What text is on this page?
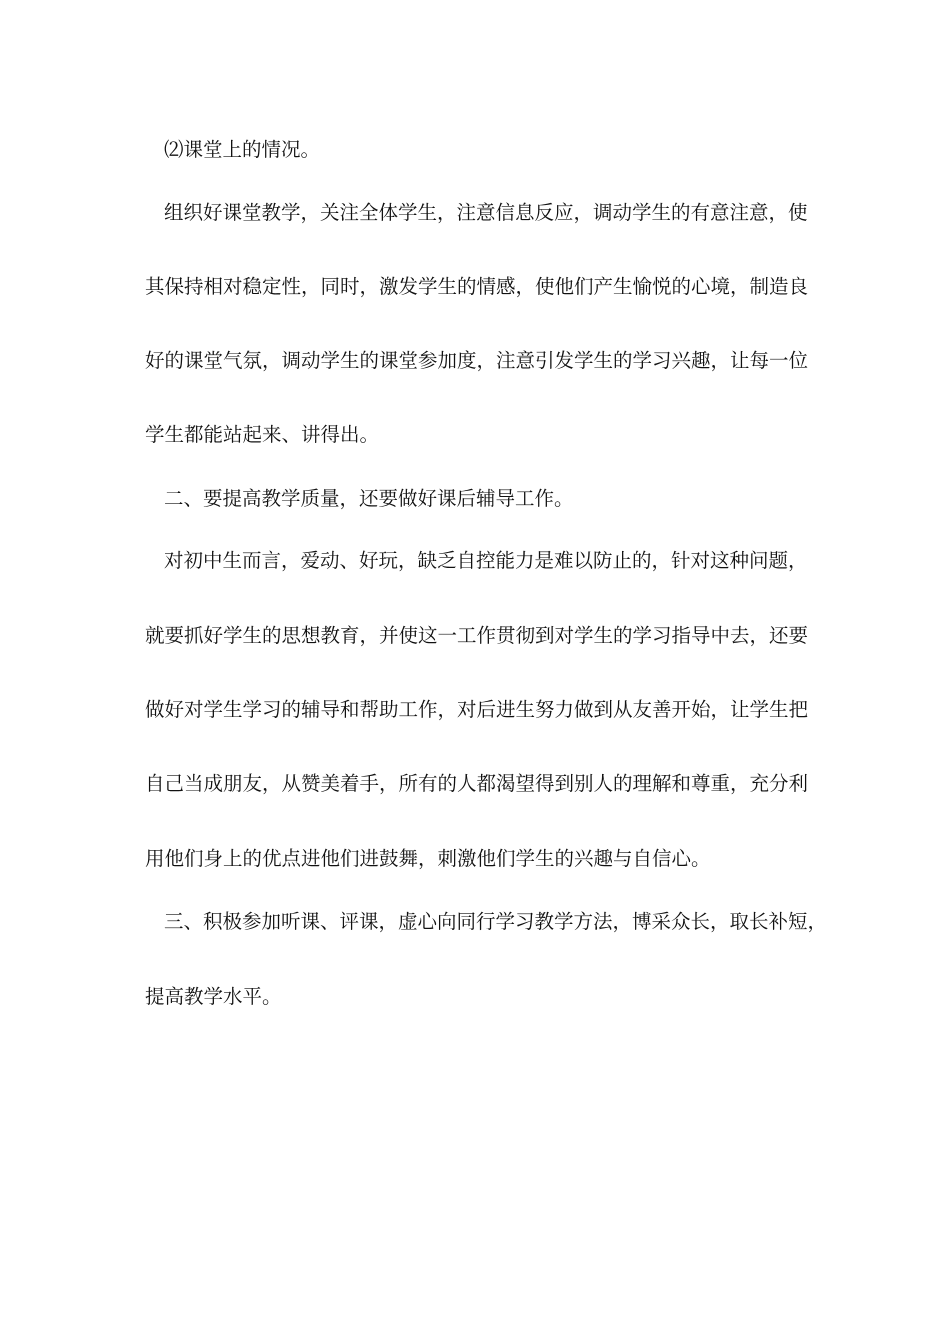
⑵课堂上的情况。
组织好课堂教学，关注全体学生，注意信息反应，调动学生的有意注意，使
其保持相对稳定性，同时，激发学生的情感，使他们产生愉悦的心境，制造良
好的课堂气氛，调动学生的课堂参加度，注意引发学生的学习兴趣，让每一位
学生都能站起来、讲得出。
二、要提高教学质量，还要做好课后辅导工作。
对初中生而言，爱动、好玩，缺乏自控能力是难以防止的，针对这种问题，
就要抓好学生的思想教育，并使这一工作贯彻到对学生的学习指导中去，还要
做好对学生学习的辅导和帮助工作，对后进生努力做到从友善开始，让学生把
自己当成朋友，从赞美着手，所有的人都渴望得到别人的理解和尊重，充分利
用他们身上的优点进他们进鼓舞，刺激他们学生的兴趣与自信心。
三、积极参加听课、评课，虚心向同行学习教学方法，博采众长，取长补短，
提高教学水平。
